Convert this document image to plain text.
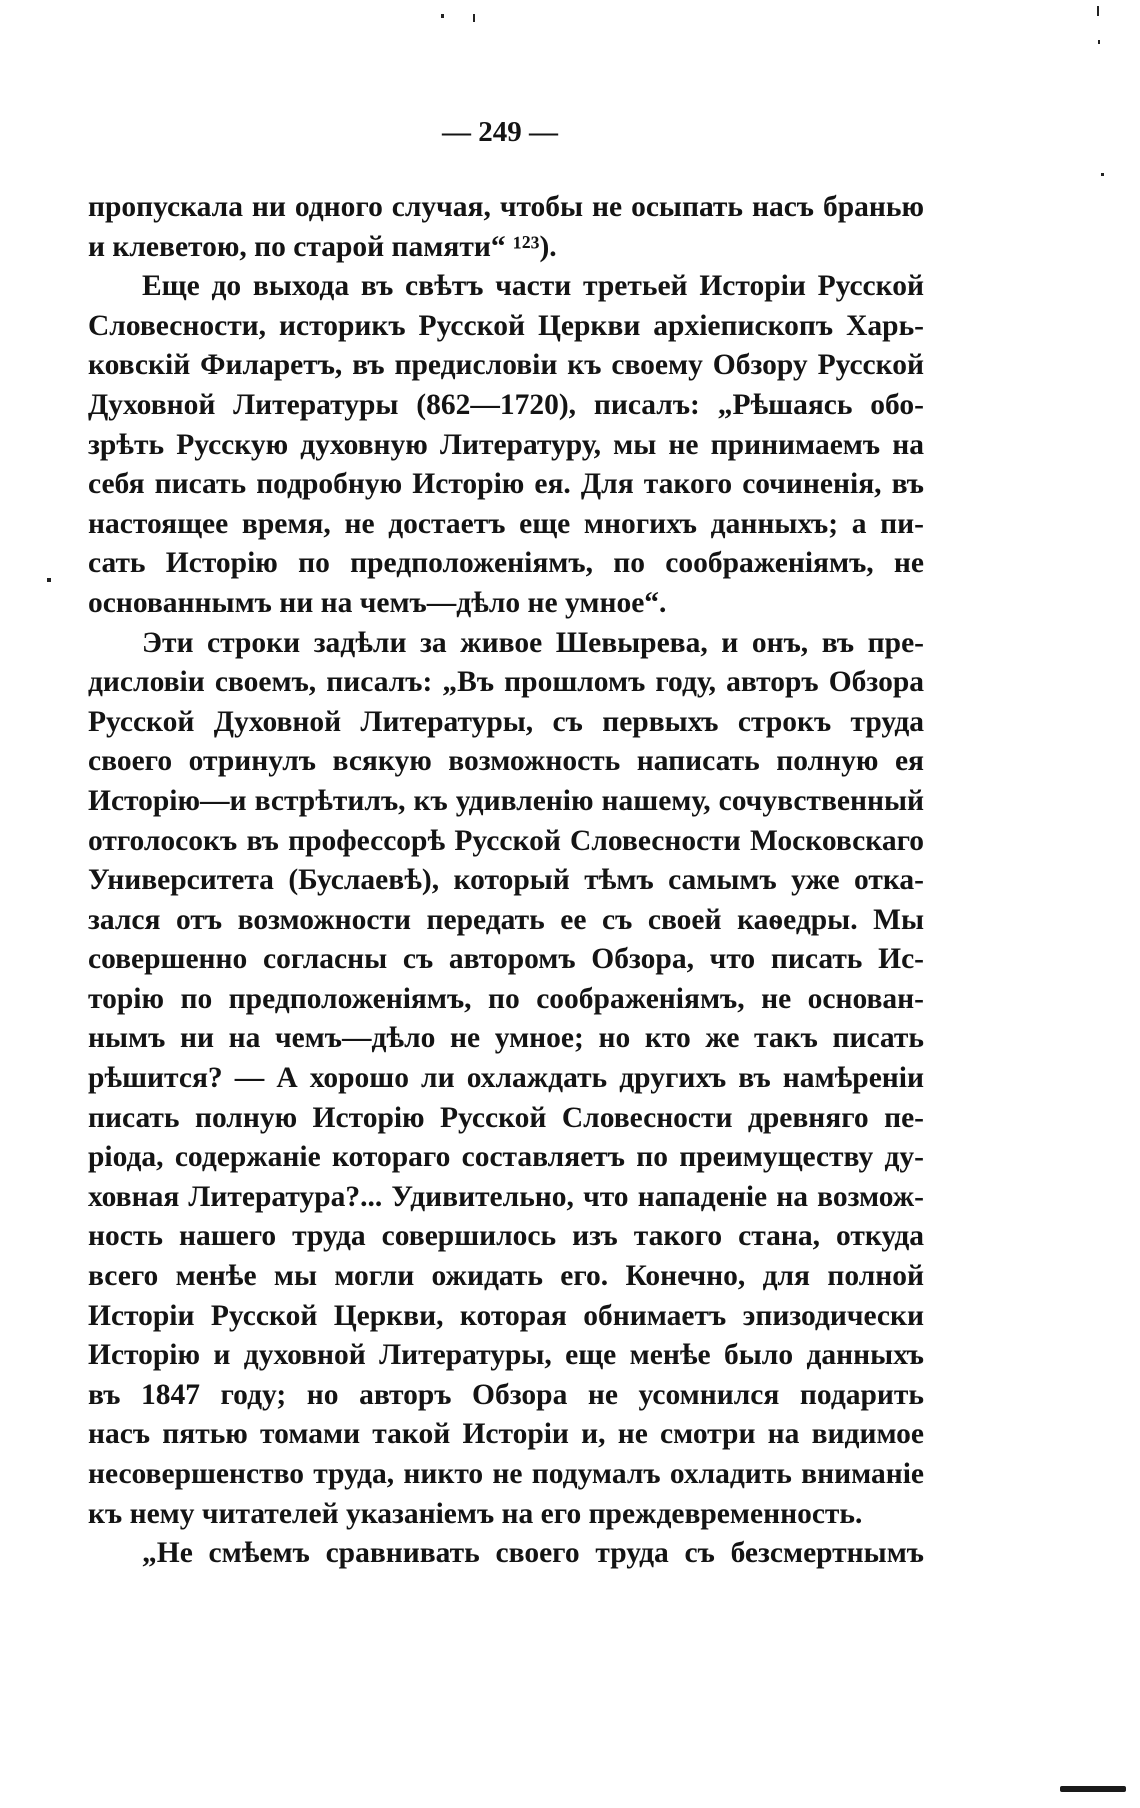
— 249 —
пропускала ни одного случая, чтобы не осыпать насъ бранью
и клеветою, по старой памяти“ ¹²³).
Еще до выхода въ свѣтъ части третьей Исторіи Русской
Словесности, историкъ Русской Церкви архіепископъ Харь-
ковскій Филаретъ, въ предисловіи къ своему Обзору Русской
Духовной Литературы (862—1720), писалъ: „Рѣшаясь обо-
зрѣть Русскую духовную Литературу, мы не принимаемъ на
себя писать подробную Исторію ея. Для такого сочиненія, въ
настоящее время, не достаетъ еще многихъ данныхъ; а пи-
сать Исторію по предположеніямъ, по соображеніямъ, не
основаннымъ ни на чемъ—дѣло не умное“.
Эти строки задѣли за живое Шевырева, и онъ, въ пре-
дисловіи своемъ, писалъ: „Въ прошломъ году, авторъ Обзора
Русской Духовной Литературы, съ первыхъ строкъ труда
своего отринулъ всякую возможность написать полную ея
Исторію—и встрѣтилъ, къ удивленію нашему, сочувственный
отголосокъ въ профессорѣ Русской Словесности Московскаго
Университета (Буслаевѣ), который тѣмъ самымъ уже отка-
зался отъ возможности передать ее съ своей каѳедры. Мы
совершенно согласны съ авторомъ Обзора, что писать Ис-
торію по предположеніямъ, по соображеніямъ, не основан-
нымъ ни на чемъ—дѣло не умное; но кто же такъ писать
рѣшится? — А хорошо ли охлаждать другихъ въ намѣреніи
писать полную Исторію Русской Словесности древняго пе-
ріода, содержаніе котораго составляетъ по преимуществу ду-
ховная Литература?... Удивительно, что нападеніе на возмож-
ность нашего труда совершилось изъ такого стана, откуда
всего менѣе мы могли ожидать его. Конечно, для полной
Исторіи Русской Церкви, которая обнимаетъ эпизодически
Исторію и духовной Литературы, еще менѣе было данныхъ
въ 1847 году; но авторъ Обзора не усомнился подарить
насъ пятью томами такой Исторіи и, не смотри на видимое
несовершенство труда, никто не подумалъ охладить вниманіе
къ нему читателей указаніемъ на его преждевременность.
„Не смѣемъ сравнивать своего труда съ безсмертнымъ
